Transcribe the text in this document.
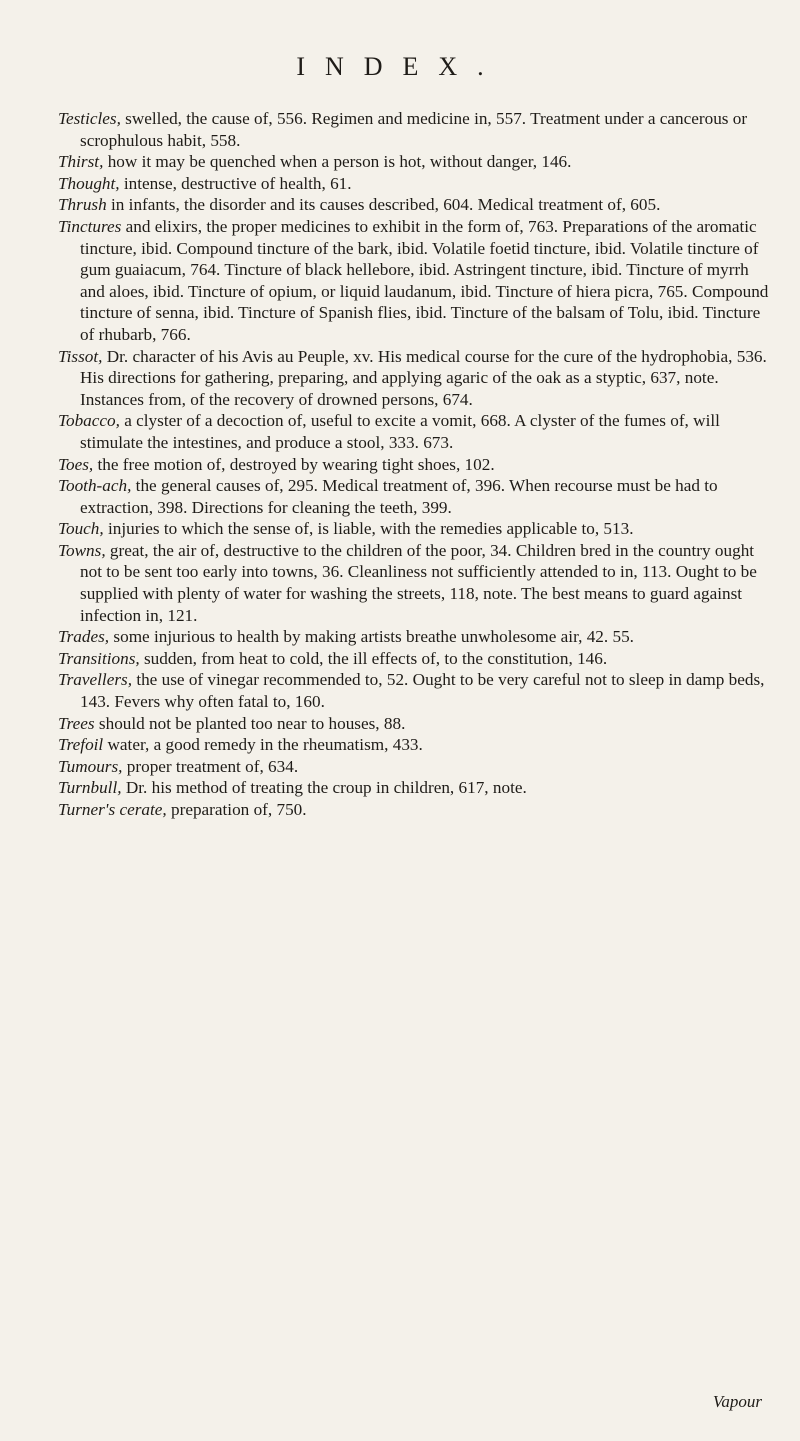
INDEX.

Testicles, swelled, the cause of, 556. Regimen and medicine in, 557. Treatment under a cancerous or scrophulous habit, 558.

Thirst, how it may be quenched when a person is hot, without danger, 146.

Thought, intense, destructive of health, 61.

Thrush in infants, the disorder and its causes described, 604. Medical treatment of, 605.

Tinctures and elixirs, the proper medicines to exhibit in the form of, 763. Preparations of the aromatic tincture, ibid. Compound tincture of the bark, ibid. Volatile foetid tincture, ibid. Volatile tincture of gum guaiacum, 764. Tincture of black hellebore, ibid. Astringent tincture, ibid. Tincture of myrrh and aloes, ibid. Tincture of opium, or liquid laudanum, ibid. Tincture of hiera picra, 765. Compound tincture of senna, ibid. Tincture of Spanish flies, ibid. Tincture of the balsam of Tolu, ibid. Tincture of rhubarb, 766.

Tissot, Dr. character of his Avis au Peuple, xv. His medical course for the cure of the hydrophobia, 536. His directions for gathering, preparing, and applying agaric of the oak as a styptic, 637, note. Instances from, of the recovery of drowned persons, 674.

Tobacco, a clyster of a decoction of, useful to excite a vomit, 668. A clyster of the fumes of, will stimulate the intestines, and produce a stool, 333. 673.

Toes, the free motion of, destroyed by wearing tight shoes, 102.

Tooth-ach, the general causes of, 295. Medical treatment of, 396. When recourse must be had to extraction, 398. Directions for cleaning the teeth, 399.

Touch, injuries to which the sense of, is liable, with the remedies applicable to, 513.

Towns, great, the air of, destructive to the children of the poor, 34. Children bred in the country ought not to be sent too early into towns, 36. Cleanliness not sufficiently attended to in, 113. Ought to be supplied with plenty of water for washing the streets, 118, note. The best means to guard against infection in, 121.

Trades, some injurious to health by making artists breathe unwholesome air, 42. 55.

Transitions, sudden, from heat to cold, the ill effects of, to the constitution, 146.

Travellers, the use of vinegar recommended to, 52. Ought to be very careful not to sleep in damp beds, 143. Fevers why often fatal to, 160.

Trees should not be planted too near to houses, 88.

Trefoil water, a good remedy in the rheumatism, 433.

Tumours, proper treatment of, 634.

Turnbull, Dr. his method of treating the croup in children, 617, note.

Turner's cerate, preparation of, 750.

Vapour
